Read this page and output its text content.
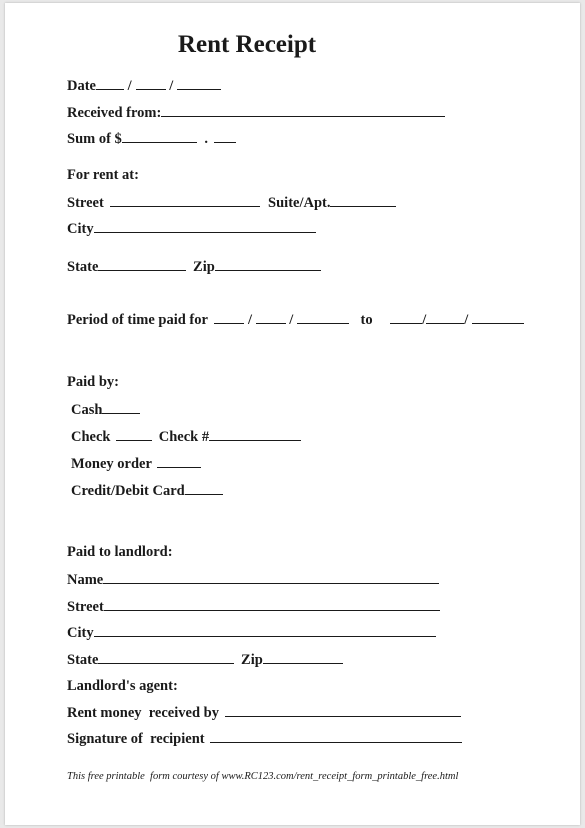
Rent Receipt
Date /	/
Received from:
Sum of $	.
For rent at:
Street	Suite/Apt.
City
State	Zip
Period of time paid for	/	/	to	/	/
Paid by:
Cash
Check	Check #
Money order
Credit/Debit Card
Paid to landlord:
Name
Street
City
State	Zip
Landlord's agent:
Rent money  received by
Signature of  recipient
This free printable  form courtesy of www.RC123.com/rent_receipt_form_printable_free.html
